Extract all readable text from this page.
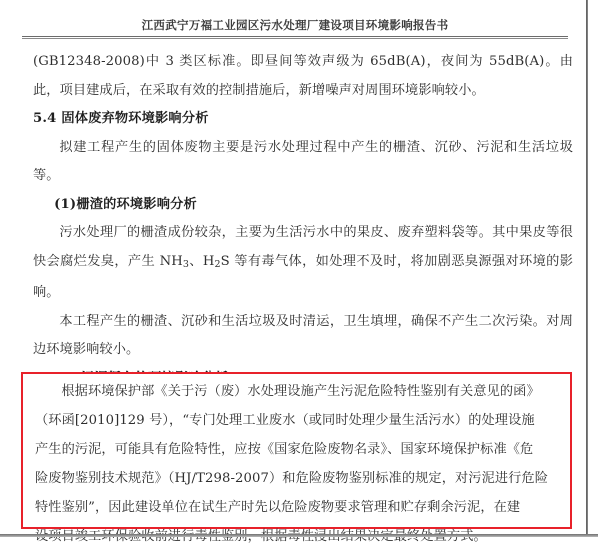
江西武宁万福工业园区污水处理厂建设项目环境影响报告书

(GB12348-2008)中 3 类区标准。即昼间等效声级为 65dB(A)，夜间为 55dB(A)。由此，项目建成后，在采取有效的控制措施后，新增噪声对周围环境影响较小。

5.4 固体废弃物环境影响分析

拟建工程产生的固体废物主要是污水处理过程中产生的栅渣、沉砂、污泥和生活垃圾等。

(1)栅渣的环境影响分析

污水处理厂的栅渣成份较杂，主要为生活污水中的果皮、废弃塑料袋等。其中果皮等很快会腐烂发臭，产生 $NH_3$、$H_2S$ 等有毒气体，如处理不及时，将加剧恶臭源强对环境的影响。

本工程产生的栅渣、沉砂和生活垃圾及时清运，卫生填埋，确保不产生二次污染。对周边环境影响较小。

根据环境保护部《关于污（废）水处理设施产生污泥危险特性鉴别有关意见的函》

（环函[2010]129 号），“专门处理工业废水（或同时处理少量生活污水）的处理设施

产生的污泥，可能具有危险特性，应按《国家危险废物名录》、国家环境保护标准《危

险废物鉴别技术规范》（HJ/T298-2007）和危险废物鉴别标准的规定，对污泥进行危险

特性鉴别”，因此建设单位在试生产时先以危险废物要求管理和贮存剩余污泥，在建
